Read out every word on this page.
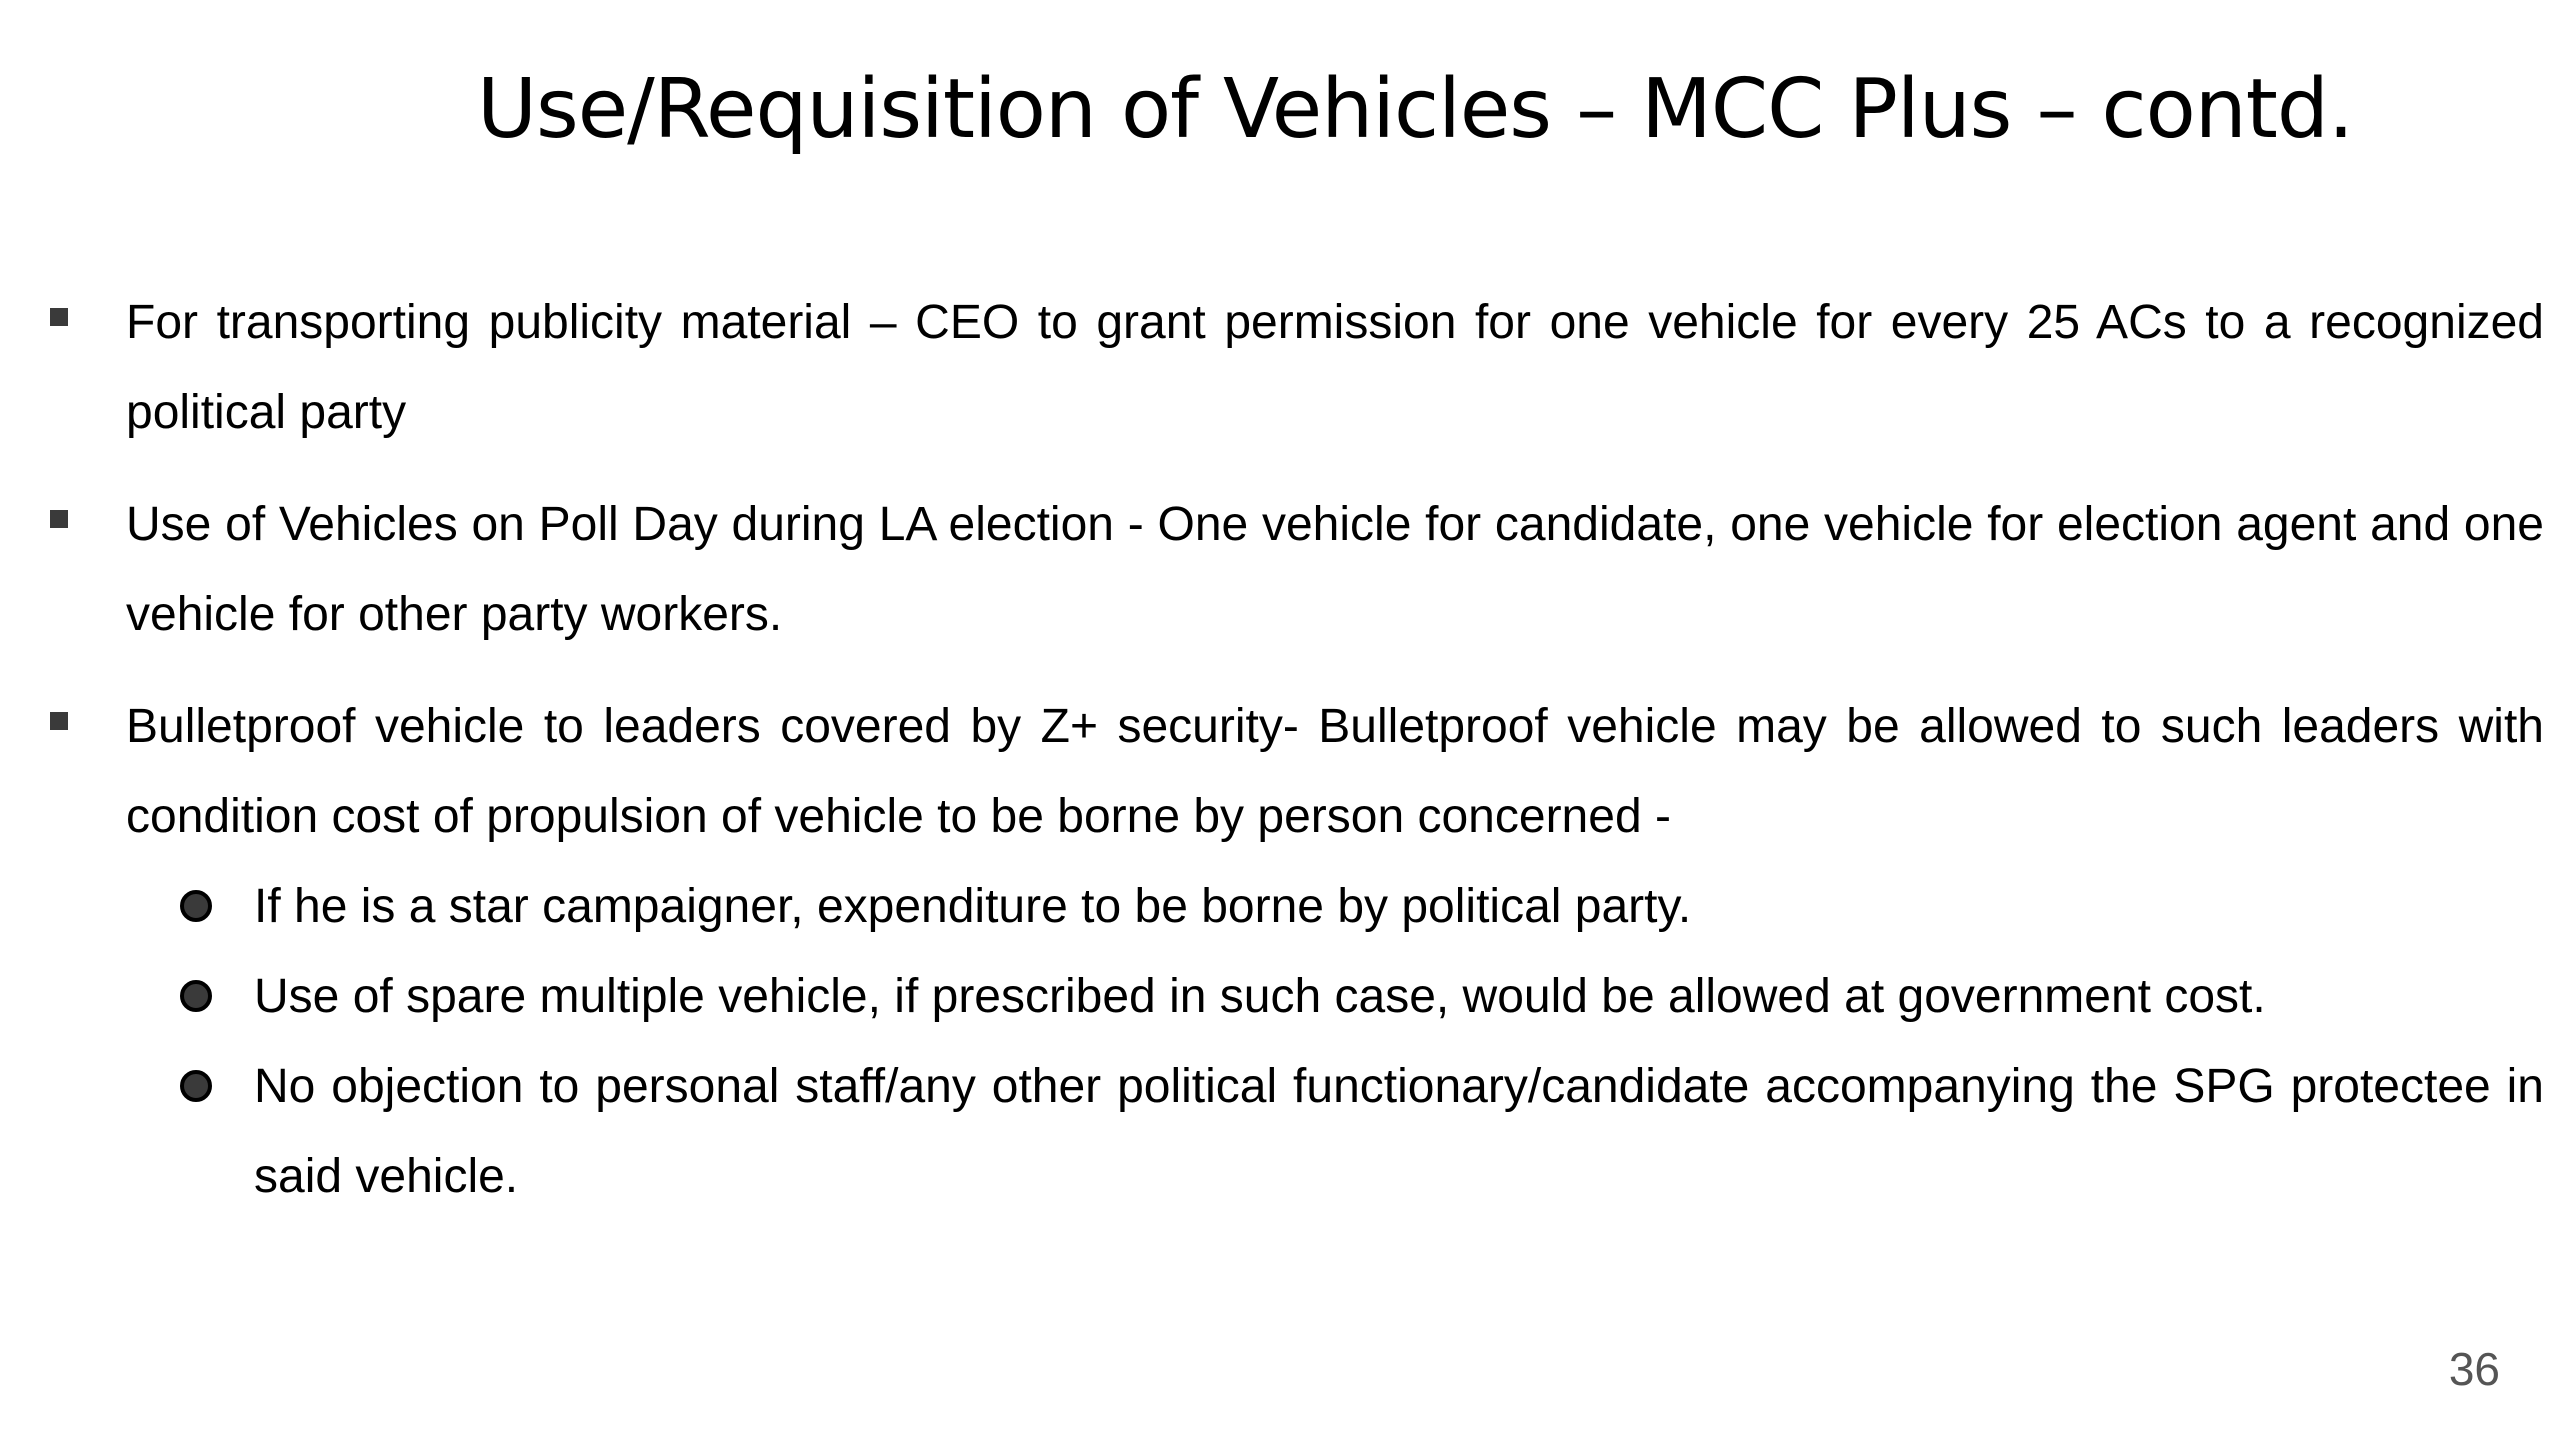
Use/Requisition of Vehicles – MCC Plus – contd.
For transporting publicity material – CEO to grant permission for one vehicle for every 25 ACs to a recognized political party
Use of Vehicles on Poll Day during LA election - One vehicle for candidate, one vehicle for election agent and one vehicle for other party workers.
Bulletproof vehicle to leaders covered by Z+ security- Bulletproof vehicle may be allowed to such leaders with condition cost of propulsion of vehicle to be borne by person concerned -
If he is a star campaigner, expenditure to be borne by political party.
Use of spare multiple vehicle, if prescribed in such case, would be allowed at government cost.
No objection to personal staff/any other political functionary/candidate accompanying the SPG protectee in said vehicle.
36
